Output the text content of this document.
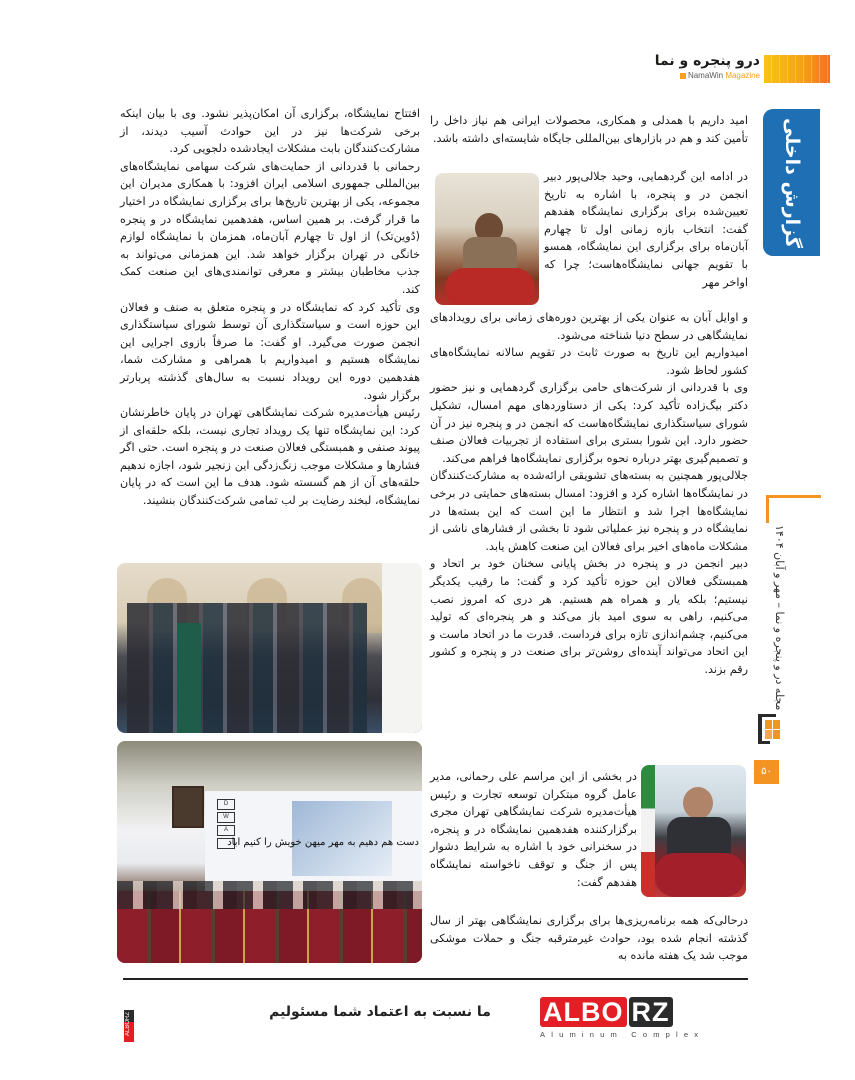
درو پنجره و نما
NamaWin Magazine
گزارش داخلی
مجله در و پنجره و نما – مهر و آبان ۱۴۰۴
۵۰

امید داریم با همدلی و همکاری، محصولات ایرانی هم نیاز داخل را تأمین کند و هم در بازارهای بین‌المللی جایگاه شایسته‌ای داشته باشد.

در ادامه این گردهمایی، وحید جلالی‌پور دبیر انجمن در و پنجره، با اشاره به تاریخ تعیین‌شده برای برگزاری نمایشگاه هفدهم گفت: انتخاب بازه زمانی اول تا چهارم آبان‌ماه برای برگزاری این نمایشگاه، همسو با تقویم جهانی نمایشگاه‌هاست؛ چرا که اواخر مهر

و اوایل آبان به عنوان یکی از بهترین دوره‌های زمانی برای رویدادهای نمایشگاهی در سطح دنیا شناخته می‌شود.

امیدواریم این تاریخ به صورت ثابت در تقویم سالانه نمایشگاه‌های کشور لحاظ شود.

وی با قدردانی از شرکت‌های حامی برگزاری گردهمایی و نیز حضور دکتر بیگ‌زاده تأکید کرد: یکی از دستاوردهای مهم امسال، تشکیل شورای سیاستگذاری نمایشگاه‌هاست که انجمن در و پنجره نیز در آن حضور دارد. این شورا بستری برای استفاده از تجربیات فعالان صنف و تصمیم‌گیری بهتر درباره نحوه برگزاری نمایشگاه‌ها فراهم می‌کند.

جلالی‌پور همچنین به بسته‌های تشویقی ارائه‌شده به مشارکت‌کنندگان در نمایشگاه‌ها اشاره کرد و افزود: امسال بسته‌های حمایتی در برخی نمایشگاه‌ها اجرا شد و انتظار ما این است که این بسته‌ها در نمایشگاه در و پنجره نیز عملیاتی شود تا بخشی از فشارهای ناشی از مشکلات ماه‌های اخیر برای فعالان این صنعت کاهش یابد.

دبیر انجمن در و پنجره در بخش پایانی سخنان خود بر اتحاد و همبستگی فعالان این حوزه تأکید کرد و گفت: ما رقیب یکدیگر نیستیم؛ بلکه یار و همراه هم هستیم. هر دری که امروز نصب می‌کنیم، راهی به سوی امید باز می‌کند و هر پنجره‌ای که تولید می‌کنیم، چشم‌اندازی تازه برای فرداست. قدرت ما در اتحاد ماست و این اتحاد می‌تواند آینده‌ای روشن‌تر برای صنعت در و پنجره و کشور رقم بزند.

در بخشی از این مراسم علی رحمانی، مدیر عامل گروه مبتکران توسعه تجارت و رئیس هیأت‌مدیره شرکت نمایشگاهی تهران مجری برگزارکننده هفدهمین نمایشگاه در و پنجره، در سخنرانی خود با اشاره به شرایط دشوار پس از جنگ و توقف ناخواسته نمایشگاه هفدهم گفت:

درحالی‌که همه برنامه‌ریزی‌ها برای برگزاری نمایشگاهی بهتر از سال گذشته انجام شده بود، حوادث غیرمترقبه جنگ و حملات موشکی موجب شد یک هفته مانده به

افتتاح نمایشگاه، برگزاری آن امکان‌پذیر نشود. وی با بیان اینکه برخی شرکت‌ها نیز در این حوادث آسیب دیدند، از مشارکت‌کنندگان بابت مشکلات ایجادشده دلجویی کرد.

رحمانی با قدردانی از حمایت‌های شرکت سهامی نمایشگاه‌های بین‌المللی جمهوری اسلامی ایران افزود: با همکاری مدیران این مجموعه، یکی از بهترین تاریخ‌ها برای برگزاری نمایشگاه در اختیار ما قرار گرفت. بر همین اساس، هفدهمین نمایشگاه در و پنجره (دُوین‌تک) از اول تا چهارم آبان‌ماه، همزمان با نمایشگاه لوازم خانگی در تهران برگزار خواهد شد. این همزمانی می‌تواند به جذب مخاطبان بیشتر و معرفی توانمندی‌های این صنعت کمک کند.

وی تأکید کرد که نمایشگاه در و پنجره متعلق به صنف و فعالان این حوزه است و سیاستگذاری آن توسط شورای سیاستگذاری انجمن صورت می‌گیرد. او گفت: ما صرفاً بازوی اجرایی این نمایشگاه هستیم و امیدواریم با همراهی و مشارکت شما، هفدهمین دوره این رویداد نسبت به سال‌های گذشته پربارتر برگزار شود.

رئیس هیأت‌مدیره شرکت نمایشگاهی تهران در پایان خاطرنشان کرد: این نمایشگاه تنها یک رویداد تجاری نیست، بلکه حلقه‌ای از پیوند صنفی و همبستگی فعالان صنعت در و پنجره است. حتی اگر فشارها و مشکلات موجب زنگ‌زدگی این زنجیر شود، اجازه ندهیم حلقه‌های آن از هم گسسته شود. هدف ما این است که در پایان نمایشگاه، لبخند رضایت بر لب تمامی شرکت‌کنندگان بنشیند.

D
W
A
دست هم دهیم به مهر میهن خویش را کنیم آباد
ALBORZ	ما نسبت به اعتماد شما مسئولیم	ALBO RZ
Aluminum Complex
